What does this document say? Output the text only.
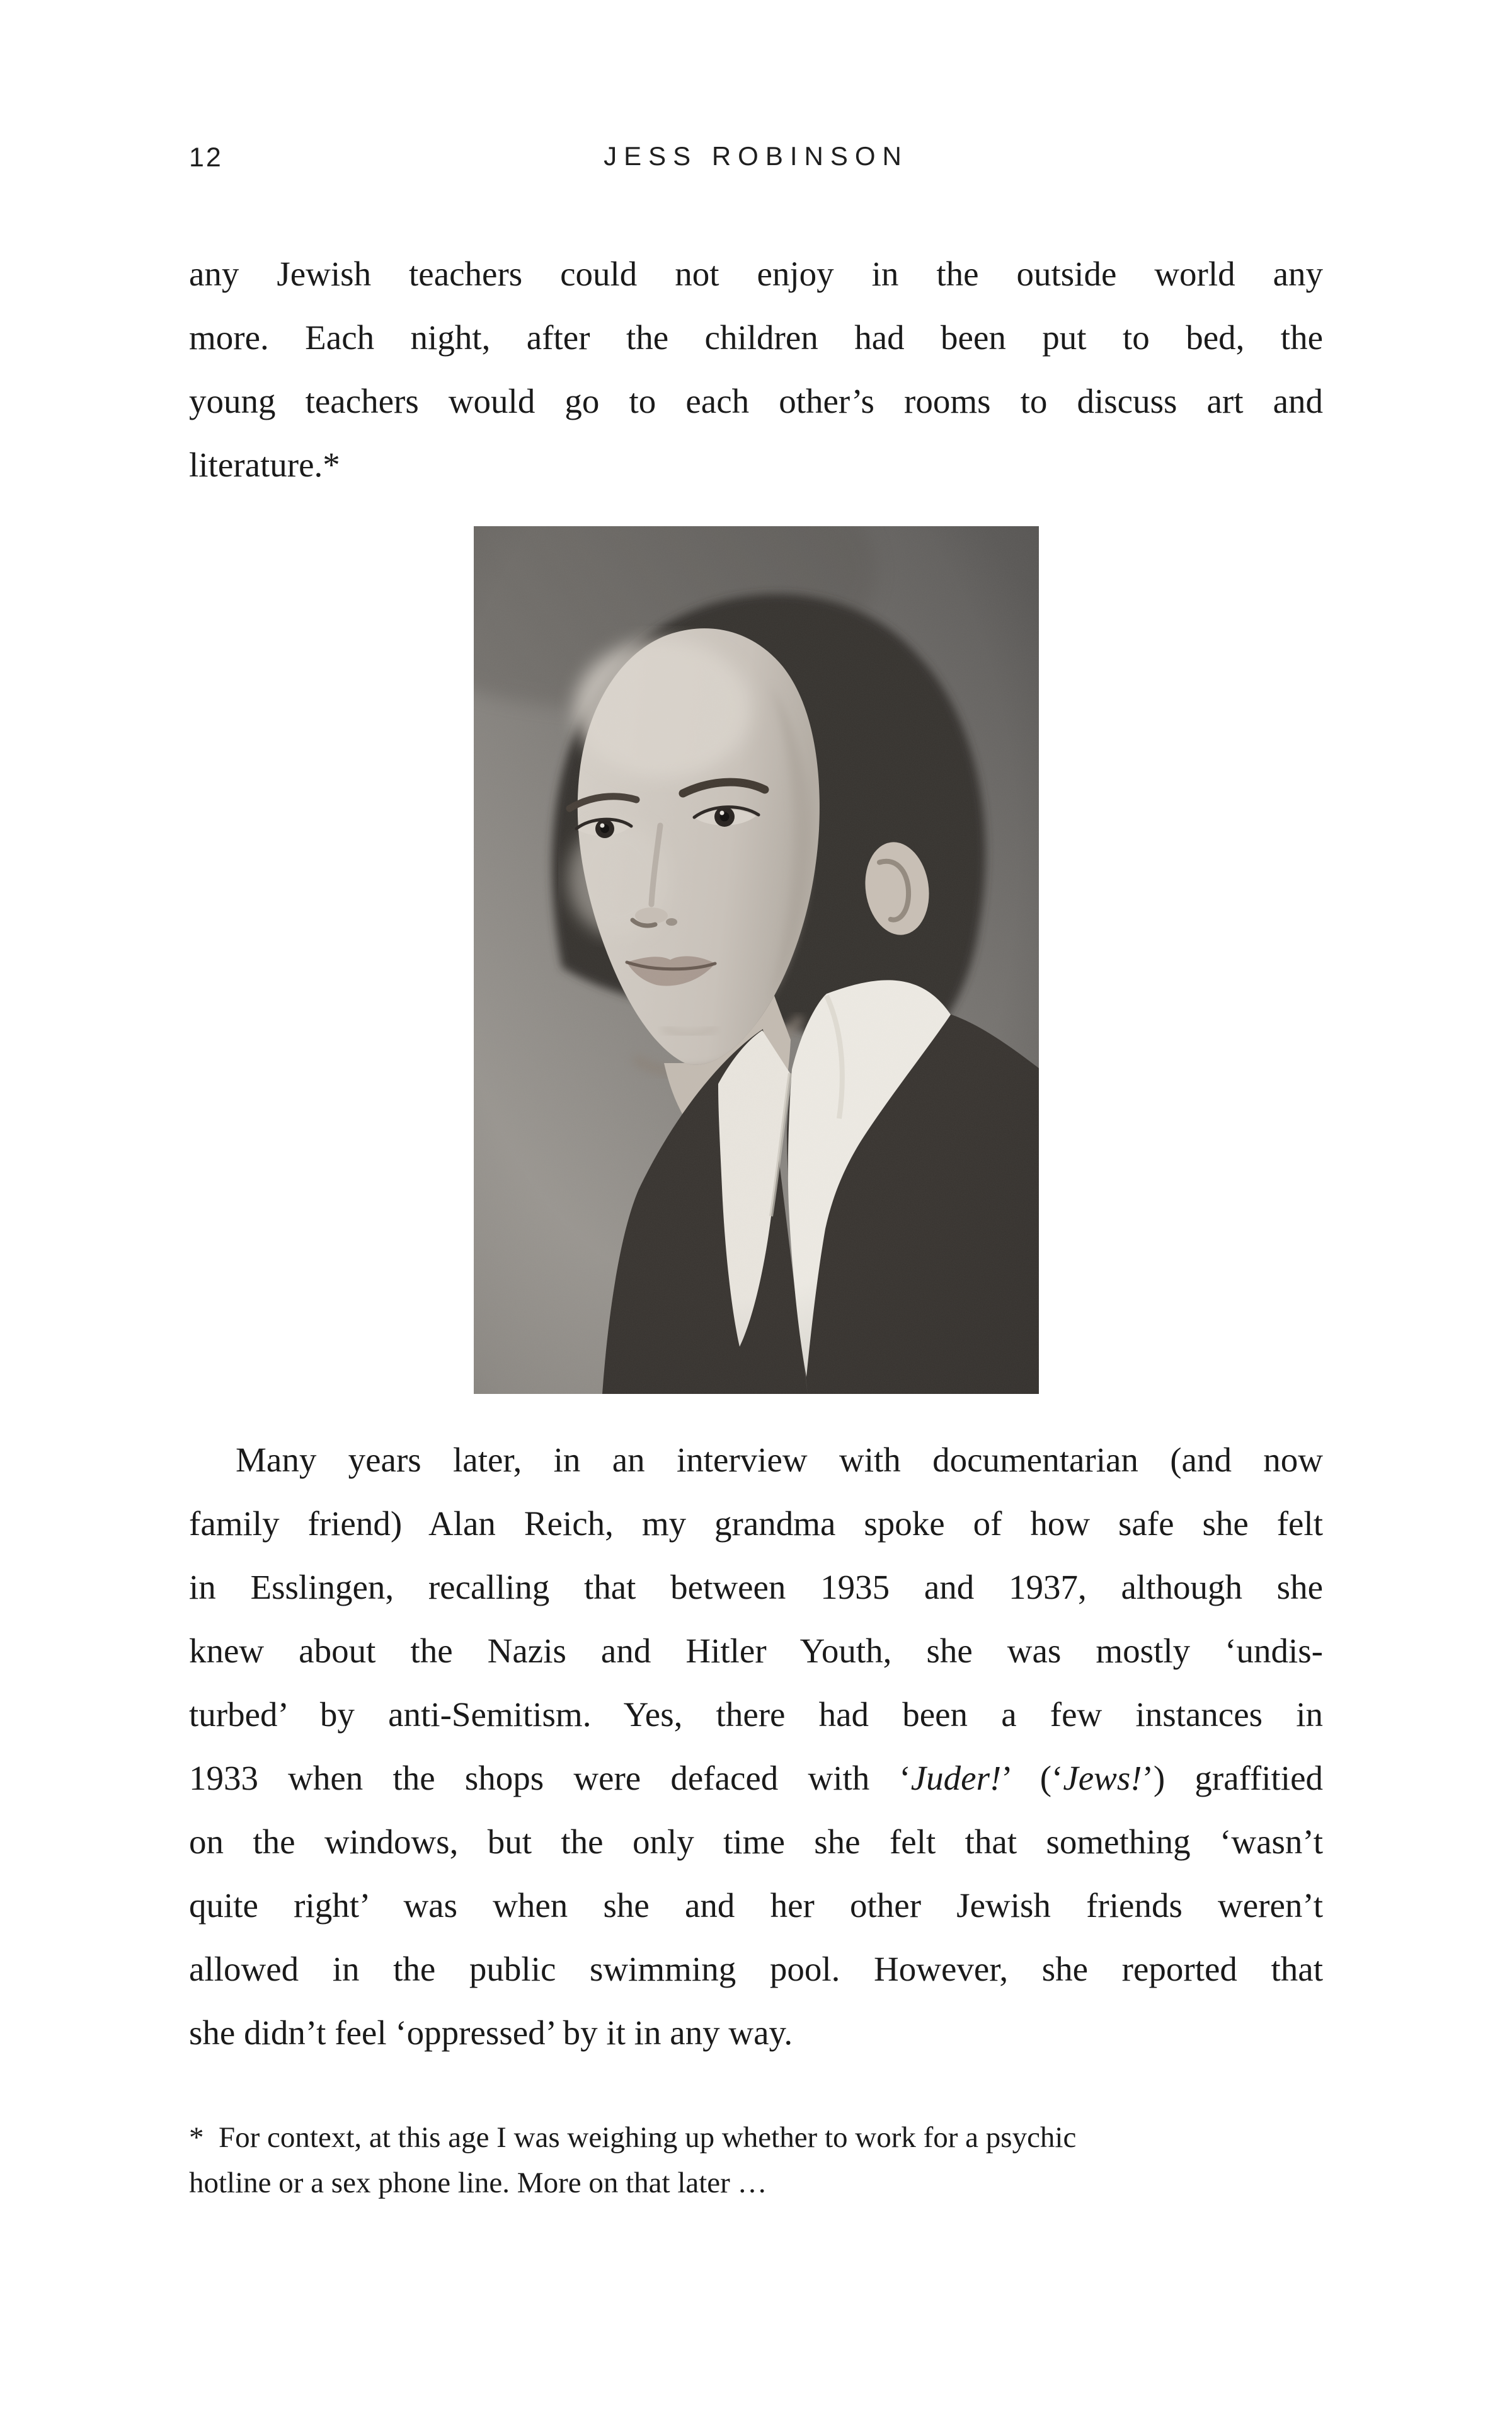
12	JESS ROBINSON
any Jewish teachers could not enjoy in the outside world any
more. Each night, after the children had been put to bed, the
young teachers would go to each other’s rooms to discuss art and
literature.*
Many years later, in an interview with documentarian (and now
family friend) Alan Reich, my grandma spoke of how safe she felt
in Esslingen, recalling that between 1935 and 1937, although she
knew about the Nazis and Hitler Youth, she was mostly ‘undis-
turbed’ by anti-Semitism. Yes, there had been a few instances in
1933 when the shops were defaced with ‘Juder!’ (‘Jews!’) graffitied
on the windows, but the only time she felt that something ‘wasn’t
quite right’ was when she and her other Jewish friends weren’t
allowed in the public swimming pool. However, she reported that
she didn’t feel ‘oppressed’ by it in any way.
* For context, at this age I was weighing up whether to work for a psychic
hotline or a sex phone line. More on that later …
